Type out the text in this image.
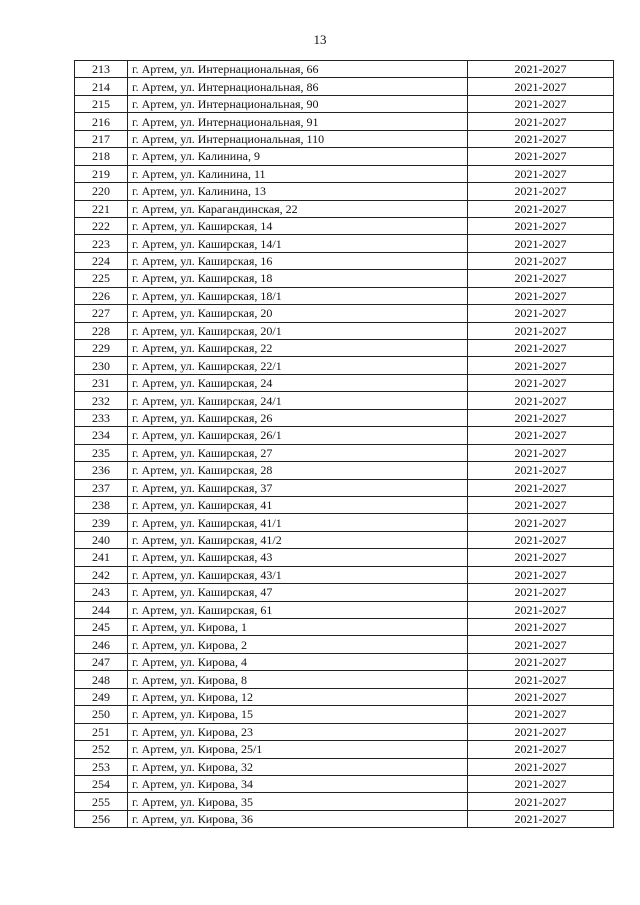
13
213	г. Артем, ул. Интернациональная, 66	2021-2027
214	г. Артем, ул. Интернациональная, 86	2021-2027
215	г. Артем, ул. Интернациональная, 90	2021-2027
216	г. Артем, ул. Интернациональная, 91	2021-2027
217	г. Артем, ул. Интернациональная, 110	2021-2027
218	г. Артем, ул. Калинина, 9	2021-2027
219	г. Артем, ул. Калинина, 11	2021-2027
220	г. Артем, ул. Калинина, 13	2021-2027
221	г. Артем, ул. Карагандинская, 22	2021-2027
222	г. Артем, ул. Каширская, 14	2021-2027
223	г. Артем, ул. Каширская, 14/1	2021-2027
224	г. Артем, ул. Каширская, 16	2021-2027
225	г. Артем, ул. Каширская, 18	2021-2027
226	г. Артем, ул. Каширская, 18/1	2021-2027
227	г. Артем, ул. Каширская, 20	2021-2027
228	г. Артем, ул. Каширская, 20/1	2021-2027
229	г. Артем, ул. Каширская, 22	2021-2027
230	г. Артем, ул. Каширская, 22/1	2021-2027
231	г. Артем, ул. Каширская, 24	2021-2027
232	г. Артем, ул. Каширская, 24/1	2021-2027
233	г. Артем, ул. Каширская, 26	2021-2027
234	г. Артем, ул. Каширская, 26/1	2021-2027
235	г. Артем, ул. Каширская, 27	2021-2027
236	г. Артем, ул. Каширская, 28	2021-2027
237	г. Артем, ул. Каширская, 37	2021-2027
238	г. Артем, ул. Каширская, 41	2021-2027
239	г. Артем, ул. Каширская, 41/1	2021-2027
240	г. Артем, ул. Каширская, 41/2	2021-2027
241	г. Артем, ул. Каширская, 43	2021-2027
242	г. Артем, ул. Каширская, 43/1	2021-2027
243	г. Артем, ул. Каширская, 47	2021-2027
244	г. Артем, ул. Каширская, 61	2021-2027
245	г. Артем, ул. Кирова, 1	2021-2027
246	г. Артем, ул. Кирова, 2	2021-2027
247	г. Артем, ул. Кирова, 4	2021-2027
248	г. Артем, ул. Кирова, 8	2021-2027
249	г. Артем, ул. Кирова, 12	2021-2027
250	г. Артем, ул. Кирова, 15	2021-2027
251	г. Артем, ул. Кирова, 23	2021-2027
252	г. Артем, ул. Кирова, 25/1	2021-2027
253	г. Артем, ул. Кирова, 32	2021-2027
254	г. Артем, ул. Кирова, 34	2021-2027
255	г. Артем, ул. Кирова, 35	2021-2027
256	г. Артем, ул. Кирова, 36	2021-2027
